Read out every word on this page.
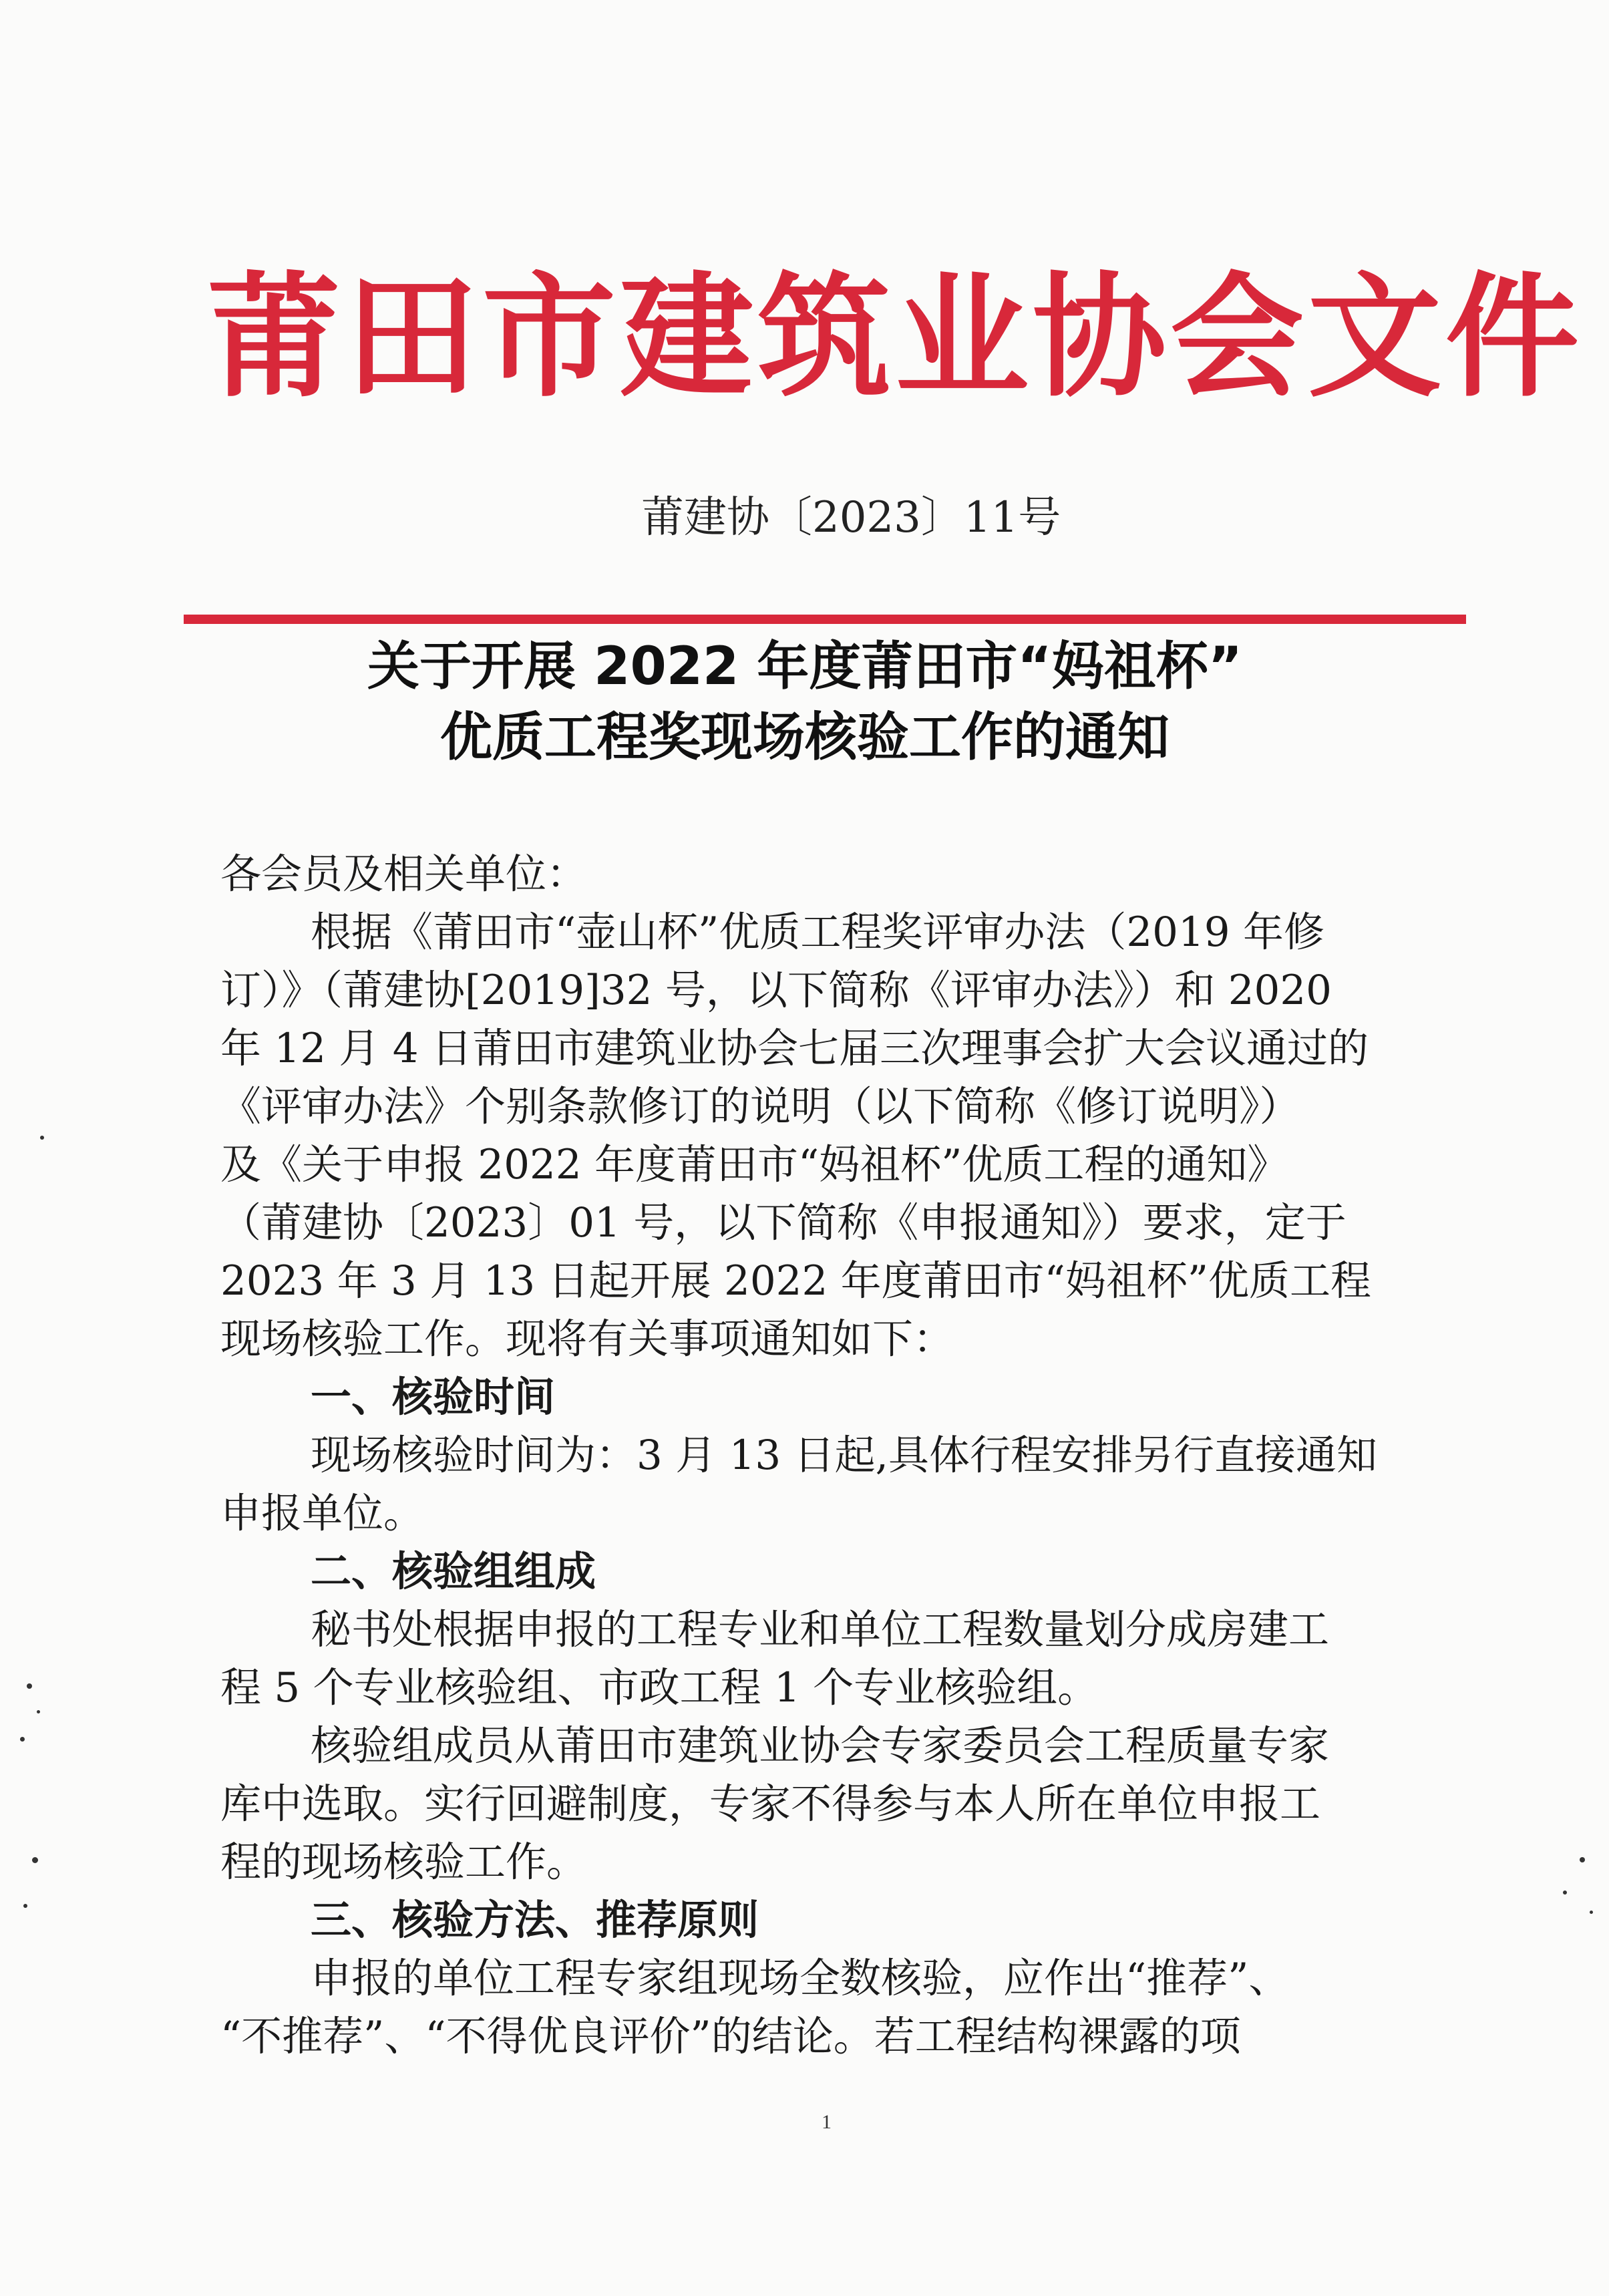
莆田市建筑业协会文件
莆建协〔2023〕11号
关于开展 2022 年度莆田市“妈祖杯”
优质工程奖现场核验工作的通知
各会员及相关单位：
根据《莆田市“壶山杯”优质工程奖评审办法（2019 年修
订）》（莆建协[2019]32 号，以下简称《评审办法》）和 2020
年 12 月 4 日莆田市建筑业协会七届三次理事会扩大会议通过的
《评审办法》个别条款修订的说明（以下简称《修订说明》）
及《关于申报 2022 年度莆田市“妈祖杯”优质工程的通知》
（莆建协〔2023〕01 号，以下简称《申报通知》）要求，定于
2023 年 3 月 13 日起开展 2022 年度莆田市“妈祖杯”优质工程
现场核验工作。现将有关事项通知如下：
一、核验时间
现场核验时间为：3 月 13 日起,具体行程安排另行直接通知
申报单位。
二、核验组组成
秘书处根据申报的工程专业和单位工程数量划分成房建工
程 5 个专业核验组、市政工程 1 个专业核验组。
核验组成员从莆田市建筑业协会专家委员会工程质量专家
库中选取。实行回避制度，专家不得参与本人所在单位申报工
程的现场核验工作。
三、核验方法、推荐原则
申报的单位工程专家组现场全数核验，应作出“推荐”、
“不推荐”、“不得优良评价”的结论。若工程结构裸露的项
1
